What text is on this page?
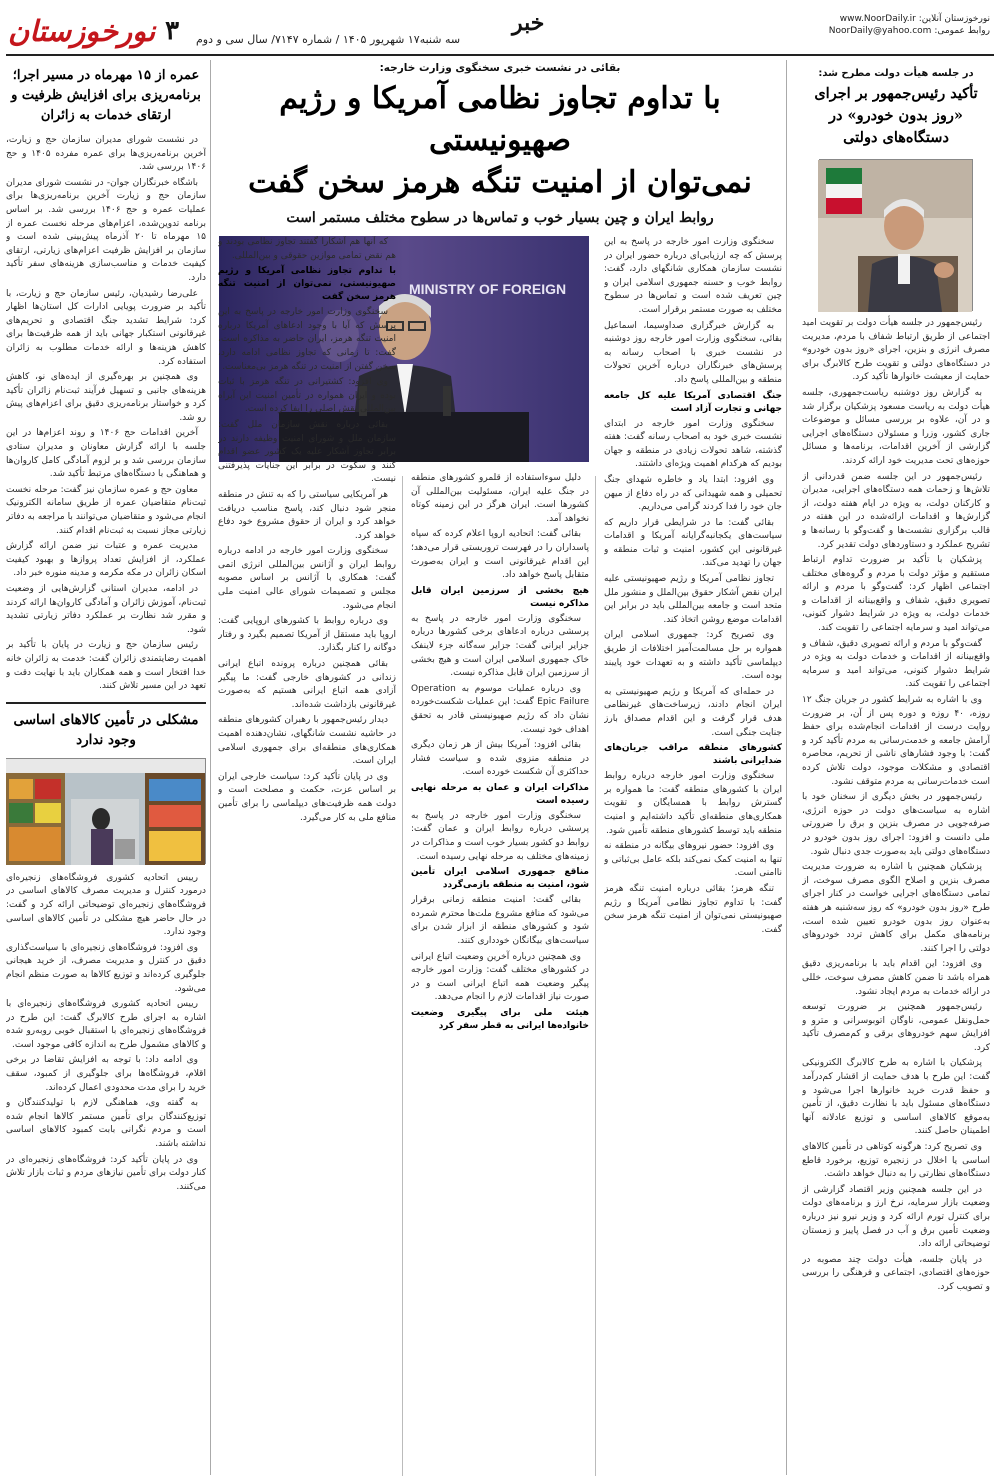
۳
نورخوزستان	سه شنبه۱۷ شهریور ۱۴۰۵ / شماره ۷۱۴۷/ سال سی و دوم
خبر	نورخوزستان آنلاین: www.NoorDaily.ir
روابط عمومی: NoorDaily@yahoo.com
در جلسه هیأت دولت مطرح شد:
تأکید رئیس‌جمهور بر اجرای «روز بدون خودرو» در دستگاه‌های دولتی

رئیس‌جمهور در جلسه هیأت دولت بر تقویت امید اجتماعی از طریق ارتباط شفاف با مردم، مدیریت مصرف انرژی و بنزین، اجرای «روز بدون خودرو» در دستگاه‌های دولتی و تقویت طرح کالابرگ برای حمایت از معیشت خانوارها تأکید کرد.

به گزارش روز دوشنبه ریاست‌جمهوری، جلسه هیأت دولت به ریاست مسعود پزشکیان برگزار شد و در آن، علاوه بر بررسی مسائل و موضوعات جاری کشور، وزرا و مسئولان دستگاه‌های اجرایی گزارشی از آخرین اقدامات، برنامه‌ها و مسائل حوزه‌های تحت مدیریت خود ارائه کردند.

رئیس‌جمهور در این جلسه ضمن قدردانی از تلاش‌ها و زحمات همه دستگاه‌های اجرایی، مدیران و کارکنان دولت، به ویژه در ایام هفته دولت، از گزارش‌ها و اقدامات ارائه‌شده در این هفته در قالب برگزاری نشست‌ها و گفت‌وگو با رسانه‌ها و تشریح عملکرد و دستاوردهای دولت تقدیر کرد.

پزشکیان با تأکید بر ضرورت تداوم ارتباط مستقیم و مؤثر دولت با مردم و گروه‌های مختلف اجتماعی اظهار کرد: گفت‌وگو با مردم و ارائه تصویری دقیق، شفاف و واقع‌بینانه از اقدامات و خدمات دولت، به ویژه در شرایط دشوار کنونی، می‌تواند امید و سرمایه اجتماعی را تقویت کند.

گفت‌وگو با مردم و ارائه تصویری دقیق، شفاف و واقع‌بینانه از اقدامات و خدمات دولت به ویژه در شرایط دشوار کنونی، می‌تواند امید و سرمایه اجتماعی را تقویت کند.

وی با اشاره به شرایط کشور در جریان جنگ ۱۲ روزه، ۴۰ روزه و دوره پس از آن، بر ضرورت روایت درست از اقدامات انجام‌شده برای حفظ آرامش جامعه و خدمت‌رسانی به مردم تأکید کرد و گفت: با وجود فشارهای ناشی از تحریم، محاصره اقتصادی و مشکلات موجود، دولت تلاش کرده است خدمات‌رسانی به مردم متوقف نشود.

رئیس‌جمهور در بخش دیگری از سخنان خود با اشاره به سیاست‌های دولت در حوزه انرژی، صرفه‌جویی در مصرف بنزین و برق را ضرورتی ملی دانست و افزود: اجرای روز بدون خودرو در دستگاه‌های دولتی باید به‌صورت جدی دنبال شود.

پزشکیان همچنین با اشاره به ضرورت مدیریت مصرف بنزین و اصلاح الگوی مصرف سوخت، از تمامی دستگاه‌های اجرایی خواست در کنار اجرای طرح «روز بدون خودرو» که روز سه‌شنبه هر هفته به‌عنوان روز بدون خودرو تعیین شده است، برنامه‌های مکمل برای کاهش تردد خودروهای دولتی را اجرا کنند.

وی افزود: این اقدام باید با برنامه‌ریزی دقیق همراه باشد تا ضمن کاهش مصرف سوخت، خللی در ارائه خدمات به مردم ایجاد نشود.

رئیس‌جمهور همچنین بر ضرورت توسعه حمل‌ونقل عمومی، ناوگان اتوبوسرانی و مترو و افزایش سهم خودروهای برقی و کم‌مصرف تأکید کرد.

پزشکیان با اشاره به طرح کالابرگ الکترونیکی گفت: این طرح با هدف حمایت از اقشار کم‌درآمد و حفظ قدرت خرید خانوارها اجرا می‌شود و دستگاه‌های مسئول باید با نظارت دقیق، از تأمین به‌موقع کالاهای اساسی و توزیع عادلانه آنها اطمینان حاصل کنند.

وی تصریح کرد: هرگونه کوتاهی در تأمین کالاهای اساسی یا اخلال در زنجیره توزیع، برخورد قاطع دستگاه‌های نظارتی را به دنبال خواهد داشت.

در این جلسه همچنین وزیر اقتصاد گزارشی از وضعیت بازار سرمایه، نرخ ارز و برنامه‌های دولت برای کنترل تورم ارائه کرد و وزیر نیرو نیز درباره وضعیت تأمین برق و آب در فصل پاییز و زمستان توضیحاتی ارائه داد.

در پایان جلسه، هیأت دولت چند مصوبه در حوزه‌های اقتصادی، اجتماعی و فرهنگی را بررسی و تصویب کرد.

عمره از ۱۵ مهرماه در مسیر اجرا؛ برنامه‌ریزی برای افزایش ظرفیت و ارتقای خدمات به زائران

در نشست شورای مدیران سازمان حج و زیارت، آخرین برنامه‌ریزی‌ها برای عمره مفرده ۱۴۰۵ و حج ۱۴۰۶ بررسی شد.

باشگاه خبرنگاران جوان- در نشست شورای مدیران سازمان حج و زیارت آخرین برنامه‌ریزی‌ها برای عملیات عمره و حج ۱۴۰۶ بررسی شد. بر اساس برنامه تدوین‌شده، اعزام‌های مرحله نخست عمره از ۱۵ مهرماه تا ۲۰ آذرماه پیش‌بینی شده است و سازمان بر افزایش ظرفیت اعزام‌های زیارتی، ارتقای کیفیت خدمات و مناسب‌سازی هزینه‌های سفر تأکید دارد.

علی‌رضا رشیدیان، رئیس سازمان حج و زیارت، با تأکید بر ضرورت پویایی ادارات کل استان‌ها اظهار کرد: شرایط تشدید جنگ اقتصادی و تحریم‌های غیرقانونی استکبار جهانی باید از همه ظرفیت‌ها برای کاهش هزینه‌ها و ارائه خدمات مطلوب به زائران استفاده کرد.

وی همچنین بر بهره‌گیری از ایده‌های نو، کاهش هزینه‌های جانبی و تسهیل فرآیند ثبت‌نام زائران تأکید کرد و خواستار برنامه‌ریزی دقیق برای اعزام‌های پیش رو شد.

آخرین اقدامات حج ۱۴۰۶ و روند اعزام‌ها در این جلسه با ارائه گزارش معاونان و مدیران ستادی سازمان بررسی شد و بر لزوم آمادگی کامل کاروان‌ها و هماهنگی با دستگاه‌های مرتبط تأکید شد.

معاون حج و عمره سازمان نیز گفت: مرحله نخست ثبت‌نام متقاضیان عمره از طریق سامانه الکترونیک انجام می‌شود و متقاضیان می‌توانند با مراجعه به دفاتر زیارتی مجاز نسبت به ثبت‌نام اقدام کنند.

مدیریت عمره و عتبات نیز ضمن ارائه گزارش عملکرد، از افزایش تعداد پروازها و بهبود کیفیت اسکان زائران در مکه مکرمه و مدینه منوره خبر داد.

در ادامه، مدیران استانی گزارش‌هایی از وضعیت ثبت‌نام، آموزش زائران و آمادگی کاروان‌ها ارائه کردند و مقرر شد نظارت بر عملکرد دفاتر زیارتی تشدید شود.

رئیس سازمان حج و زیارت در پایان با تأکید بر اهمیت رضایتمندی زائران گفت: خدمت به زائران خانه خدا افتخار است و همه همکاران باید با نهایت دقت و تعهد در این مسیر تلاش کنند.

مشکلی در تأمین کالاهای اساسی وجود ندارد

رییس اتحادیه کشوری فروشگاه‌های زنجیره‌ای درمورد کنترل و مدیریت مصرف کالاهای اساسی در فروشگاه‌های زنجیره‌ای توضیحاتی ارائه کرد و گفت: در حال حاضر هیچ مشکلی در تأمین کالاهای اساسی وجود ندارد.

وی افزود: فروشگاه‌های زنجیره‌ای با سیاست‌گذاری دقیق در کنترل و مدیریت مصرف، از خرید هیجانی جلوگیری کرده‌اند و توزیع کالاها به صورت منظم انجام می‌شود.

رییس اتحادیه کشوری فروشگاه‌های زنجیره‌ای با اشاره به اجرای طرح کالابرگ گفت: این طرح در فروشگاه‌های زنجیره‌ای با استقبال خوبی روبه‌رو شده و کالاهای مشمول طرح به اندازه کافی موجود است.

وی ادامه داد: با توجه به افزایش تقاضا در برخی اقلام، فروشگاه‌ها برای جلوگیری از کمبود، سقف خرید را برای مدت محدودی اعمال کرده‌اند.

به گفته وی، هماهنگی لازم با تولیدکنندگان و توزیع‌کنندگان برای تأمین مستمر کالاها انجام شده است و مردم نگرانی بابت کمبود کالاهای اساسی نداشته باشند.

وی در پایان تأکید کرد: فروشگاه‌های زنجیره‌ای در کنار دولت برای تأمین نیازهای مردم و ثبات بازار تلاش می‌کنند.

بقائی در نشست خبری سخنگوی وزارت خارجه:
با تداوم تجاوز نظامی آمریکا و رژیم صهیونیستی
نمی‌توان از امنیت تنگه هرمز سخن گفت
روابط ایران و چین بسیار خوب و تماس‌ها در سطوح مختلف مستمر است
MINISTRY OF FOREIGN

سخنگوی وزارت امور خارجه در پاسخ به این پرسش که چه ارزیابی‌ای درباره حضور ایران در نشست سازمان همکاری شانگهای دارد، گفت: روابط خوب و حسنه جمهوری اسلامی ایران و چین تعریف شده است و تماس‌ها در سطوح مختلف به صورت مستمر برقرار است.

به گزارش خبرگزاری صداوسیما، اسماعیل بقائی، سخنگوی وزارت امور خارجه روز دوشنبه در نشست خبری با اصحاب رسانه به پرسش‌های خبرنگاران درباره آخرین تحولات منطقه و بین‌المللی پاسخ داد.

جنگ اقتصادی آمریکا علیه کل جامعه جهانی و تجارت آزاد است

سخنگوی وزارت امور خارجه در ابتدای نشست خبری خود به اصحاب رسانه گفت: هفته گذشته، شاهد تحولات زیادی در منطقه و جهان بودیم که هرکدام اهمیت ویژه‌ای داشتند.

وی افزود: ابتدا یاد و خاطره شهدای جنگ تحمیلی و همه شهیدانی که در راه دفاع از میهن جان خود را فدا کردند گرامی می‌داریم.

بقائی گفت: ما در شرایطی قرار داریم که سیاست‌های یکجانبه‌گرایانه آمریکا و اقدامات غیرقانونی این کشور، امنیت و ثبات منطقه و جهان را تهدید می‌کند.

تجاوز نظامی آمریکا و رژیم صهیونیستی علیه ایران نقض آشکار حقوق بین‌الملل و منشور ملل متحد است و جامعه بین‌المللی باید در برابر این اقدامات موضع روشن اتخاذ کند.

وی تصریح کرد: جمهوری اسلامی ایران همواره بر حل مسالمت‌آمیز اختلافات از طریق دیپلماسی تأکید داشته و به تعهدات خود پایبند بوده است.

در حمله‌ای که آمریکا و رژیم صهیونیستی به ایران انجام دادند، زیرساخت‌های غیرنظامی هدف قرار گرفت و این اقدام مصداق بارز جنایت جنگی است.

کشورهای منطقه مراقب جریان‌های ضدایرانی باشند

سخنگوی وزارت امور خارجه درباره روابط ایران با کشورهای منطقه گفت: ما همواره بر گسترش روابط با همسایگان و تقویت همکاری‌های منطقه‌ای تأکید داشته‌ایم و امنیت منطقه باید توسط کشورهای منطقه تأمین شود.

وی افزود: حضور نیروهای بیگانه در منطقه نه تنها به امنیت کمک نمی‌کند بلکه عامل بی‌ثباتی و ناامنی است.

تنگه هرمز؛ بقائی درباره امنیت تنگه هرمز گفت: با تداوم تجاوز نظامی آمریکا و رژیم صهیونیستی نمی‌توان از امنیت تنگه هرمز سخن گفت.

دلیل سوءاستفاده از قلمرو کشورهای منطقه در جنگ علیه ایران، مسئولیت بین‌المللی آن کشورها است. ایران هرگز در این زمینه کوتاه نخواهد آمد.

بقائی گفت: اتحادیه اروپا اعلام کرده که سپاه پاسداران را در فهرست تروریستی قرار می‌دهد؛ این اقدام غیرقانونی است و ایران به‌صورت متقابل پاسخ خواهد داد.

هیچ بخشی از سرزمین ایران قابل مذاکره نیست

سخنگوی وزارت امور خارجه در پاسخ به پرسشی درباره ادعاهای برخی کشورها درباره جزایر ایرانی گفت: جزایر سه‌گانه جزء لاینفک خاک جمهوری اسلامی ایران است و هیچ بخشی از سرزمین ایران قابل مذاکره نیست.

وی درباره عملیات موسوم به Operation Epic Failure گفت: این عملیات شکست‌خورده نشان داد که رژیم صهیونیستی قادر به تحقق اهداف خود نیست.

بقائی افزود: آمریکا بیش از هر زمان دیگری در منطقه منزوی شده و سیاست فشار حداکثری آن شکست خورده است.

مذاکرات ایران و عمان به مرحله نهایی رسیده است

سخنگوی وزارت امور خارجه در پاسخ به پرسشی درباره روابط ایران و عمان گفت: روابط دو کشور بسیار خوب است و مذاکرات در زمینه‌های مختلف به مرحله نهایی رسیده است.

مناقع جمهوری اسلامی ایران تأمین شود، امنیت به منطقه بازمی‌گردد

بقائی گفت: امنیت منطقه زمانی برقرار می‌شود که منافع مشروع ملت‌ها محترم شمرده شود و کشورهای منطقه از ابزار شدن برای سیاست‌های بیگانگان خودداری کنند.

وی همچنین درباره آخرین وضعیت اتباع ایرانی در کشورهای مختلف گفت: وزارت امور خارجه پیگیر وضعیت همه اتباع ایرانی است و در صورت نیاز اقدامات لازم را انجام می‌دهد.

هیئت ملی برای پیگیری وضعیت خانواده‌ها ایرانی به قطر سفر کرد

که آنها هم آشکارا گفتند تجاوز نظامی بودند و هم نقض تمامی موازین حقوقی و بین‌المللی.

با تداوم تجاوز نظامی آمریکا و رژیم صهیونیستی، نمی‌توان از امنیت تنگه هرمز سخن گفت

سخنگوی وزارت امور خارجه در پاسخ به این پرسش که آیا با وجود ادعاهای آمریکا درباره امنیت تنگه هرمز، ایران حاضر به مذاکره است، گفت: تا زمانی که تجاوز نظامی ادامه دارد، سخن گفتن از امنیت در تنگه هرمز بی‌معناست.

وی افزود: کشتیرانی در تنگه هرمز با ثبات بوده و ایران همواره در تأمین امنیت این آبراه بین‌المللی نقش اصلی را ایفا کرده است.

بقائی درباره نقش سازمان ملل گفت: سازمان ملل و شورای امنیت وظیفه دارند در برابر تجاوز آشکار علیه یک کشور عضو اقدام کنند و سکوت در برابر این جنایات پذیرفتنی نیست.

هر آمریکایی سیاستی را که به تنش در منطقه منجر شود دنبال کند، پاسخ مناسب دریافت خواهد کرد و ایران از حقوق مشروع خود دفاع خواهد کرد.

سخنگوی وزارت امور خارجه در ادامه درباره روابط ایران و آژانس بین‌المللی انرژی اتمی گفت: همکاری با آژانس بر اساس مصوبه مجلس و تصمیمات شورای عالی امنیت ملی انجام می‌شود.

وی درباره روابط با کشورهای اروپایی گفت: اروپا باید مستقل از آمریکا تصمیم بگیرد و رفتار دوگانه را کنار بگذارد.

بقائی همچنین درباره پرونده اتباع ایرانی زندانی در کشورهای خارجی گفت: ما پیگیر آزادی همه اتباع ایرانی هستیم که به‌صورت غیرقانونی بازداشت شده‌اند.

دیدار رئیس‌جمهور با رهبران کشورهای منطقه در حاشیه نشست شانگهای، نشان‌دهنده اهمیت همکاری‌های منطقه‌ای برای جمهوری اسلامی ایران است.

وی در پایان تأکید کرد: سیاست خارجی ایران بر اساس عزت، حکمت و مصلحت است و دولت همه ظرفیت‌های دیپلماسی را برای تأمین منافع ملی به کار می‌گیرد.
